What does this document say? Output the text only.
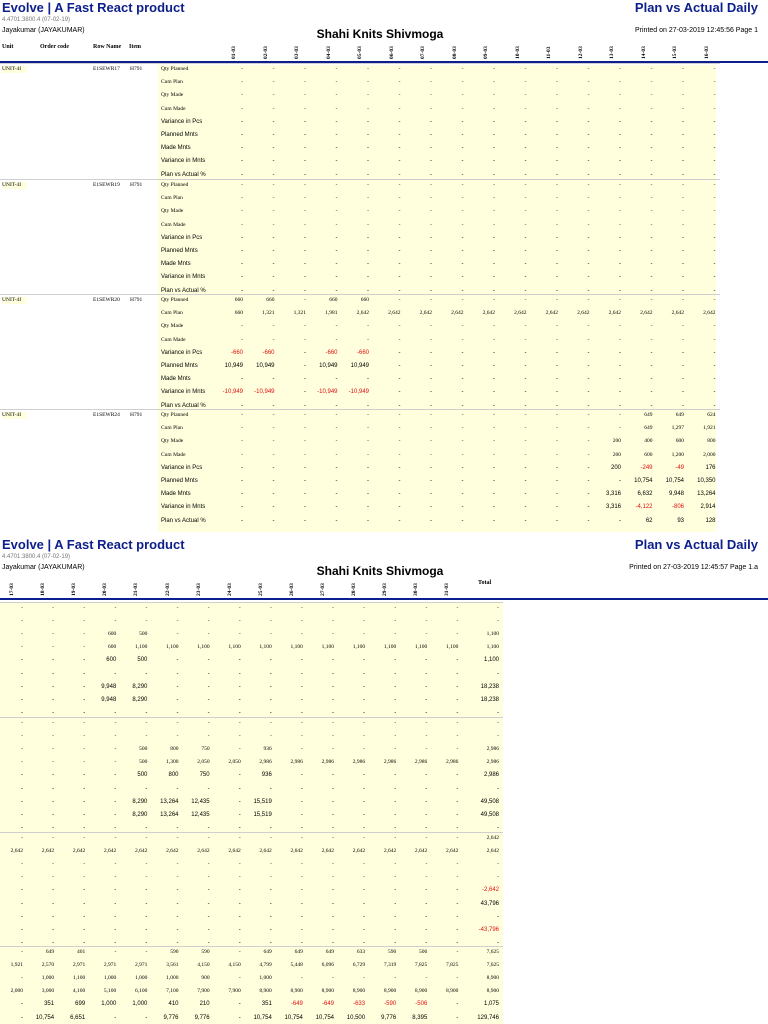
Evolve | A Fast React product	Plan vs Actual Daily
4.4701.3800.4 (07-02-19)
Jayakumar (JAYAKUMAR)	Shahi Knits Shivmoga	Printed on 27-03-2019 12:45:56 Page 1
Unit	Order code	Row Name Item	01-03	02-03	03-03	04-03	05-03	06-03	07-03	08-03	09-03	10-03	11-03	12-03	13-03	14-03	15-03	16-03
UNIT-4I	E1SEWR17 H791	Qty Planned	-	-	-	-	-	-	-	-	-	-	-	-	-	-	-	-
Cum Plan	-	-	-	-	-	-	-	-	-	-	-	-	-	-	-	-
Qty Made	-	-	-	-	-	-	-	-	-	-	-	-	-	-	-	-
Cum Made	-	-	-	-	-	-	-	-	-	-	-	-	-	-	-	-
Variance in Pcs	-	-	-	-	-	-	-	-	-	-	-	-	-	-	-	-
Planned Mnts	-	-	-	-	-	-	-	-	-	-	-	-	-	-	-	-
Made Mnts	-	-	-	-	-	-	-	-	-	-	-	-	-	-	-	-
Variance in Mnts	-	-	-	-	-	-	-	-	-	-	-	-	-	-	-	-
Plan vs Actual %	-	-	-	-	-	-	-	-	-	-	-	-	-	-	-	-
UNIT-4I	E1SEWR19 H791	Qty Planned	-	-	-	-	-	-	-	-	-	-	-	-	-	-	-	-
Cum Plan	-	-	-	-	-	-	-	-	-	-	-	-	-	-	-	-
Qty Made	-	-	-	-	-	-	-	-	-	-	-	-	-	-	-	-
Cum Made	-	-	-	-	-	-	-	-	-	-	-	-	-	-	-	-
Variance in Pcs	-	-	-	-	-	-	-	-	-	-	-	-	-	-	-	-
Planned Mnts	-	-	-	-	-	-	-	-	-	-	-	-	-	-	-	-
Made Mnts	-	-	-	-	-	-	-	-	-	-	-	-	-	-	-	-
Variance in Mnts	-	-	-	-	-	-	-	-	-	-	-	-	-	-	-	-
Plan vs Actual %	-	-	-	-	-	-	-	-	-	-	-	-	-	-	-	-
UNIT-4I	E1SEWR20 H791	Qty Planned	660	660	-	660	660	-	-	-	-	-	-	-	-	-	-	-
Cum Plan	660	1,321	1,321	1,981	2,642	2,642	2,642	2,642	2,642	2,642	2,642	2,642	2,642	2,642	2,642	2,642
Qty Made	-	-	-	-	-	-	-	-	-	-	-	-	-	-	-	-
Cum Made	-	-	-	-	-	-	-	-	-	-	-	-	-	-	-	-
Variance in Pcs	-660	-660	-	-660	-660	-	-	-	-	-	-	-	-	-	-	-
Planned Mnts	10,949	10,949	-	10,949	10,949	-	-	-	-	-	-	-	-	-	-	-
Made Mnts	-	-	-	-	-	-	-	-	-	-	-	-	-	-	-	-
Variance in Mnts	-10,949	-10,949	-	-10,949	-10,949	-	-	-	-	-	-	-	-	-	-	-
Plan vs Actual %	-	-	-	-	-	-	-	-	-	-	-	-	-	-	-	-
UNIT-4I	E1SEWR24 H791	Qty Planned	-	-	-	-	-	-	-	-	-	-	-	-	-	649	649	624
Cum Plan	-	-	-	-	-	-	-	-	-	-	-	-	-	649	1,297	1,921
Qty Made	-	-	-	-	-	-	-	-	-	-	-	-	200	400	600	800
Cum Made	-	-	-	-	-	-	-	-	-	-	-	-	200	600	1,200	2,000
Variance in Pcs	-	-	-	-	-	-	-	-	-	-	-	-	200	-249	-49	176
Planned Mnts	-	-	-	-	-	-	-	-	-	-	-	-	-	10,754	10,754	10,350
Made Mnts	-	-	-	-	-	-	-	-	-	-	-	-	3,316	6,632	9,948	13,264
Variance in Mnts	-	-	-	-	-	-	-	-	-	-	-	-	3,316	-4,122	-806	2,914
Plan vs Actual %	-	-	-	-	-	-	-	-	-	-	-	-	-	62	93	128
Evolve | A Fast React product	Plan vs Actual Daily
4.4701.3800.4 (07-02-19)
Jayakumar (JAYAKUMAR)	Shahi Knits Shivmoga	Printed on 27-03-2019 12:45:57 Page 1.a
17-03	18-03	19-03	20-03	21-03	22-03	23-03	24-03	25-03	26-03	27-03	28-03	29-03	30-03	31-03
Total
-	-	-	-	-	-	-	-	-	-	-	-	-	-	-	-
-	-	-	-	-	-	-	-	-	-	-	-	-	-	-	-
-	-	-	600	500	-	-	-	-	-	-	-	-	-	-	1,100
-	-	-	600	1,100	1,100	1,100	1,100	1,100	1,100	1,100	1,100	1,100	1,100	1,100	1,100
-	-	-	600	500	-	-	-	-	-	-	-	-	-	-	1,100
-	-	-	-	-	-	-	-	-	-	-	-	-	-	-	-
-	-	-	9,948	8,290	-	-	-	-	-	-	-	-	-	-	18,238
-	-	-	9,948	8,290	-	-	-	-	-	-	-	-	-	-	18,238
-	-	-	-	-	-	-	-	-	-	-	-	-	-	-	-
-	-	-	-	-	-	-	-	-	-	-	-	-	-	-	-
-	-	-	-	-	-	-	-	-	-	-	-	-	-	-	-
-	-	-	-	500	800	750	-	936	-	-	-	-	-	-	2,986
-	-	-	-	500	1,300	2,050	2,050	2,986	2,986	2,986	2,986	2,986	2,986	2,986	2,986
-	-	-	-	500	800	750	-	936	-	-	-	-	-	-	2,986
-	-	-	-	-	-	-	-	-	-	-	-	-	-	-	-
-	-	-	-	8,290	13,264	12,435	-	15,519	-	-	-	-	-	-	49,508
-	-	-	-	8,290	13,264	12,435	-	15,519	-	-	-	-	-	-	49,508
-	-	-	-	-	-	-	-	-	-	-	-	-	-	-	-
-	-	-	-	-	-	-	-	-	-	-	-	-	-	-	2,642
2,642	2,642	2,642	2,642	2,642	2,642	2,642	2,642	2,642	2,642	2,642	2,642	2,642	2,642	2,642	2,642
-	-	-	-	-	-	-	-	-	-	-	-	-	-	-	-
-	-	-	-	-	-	-	-	-	-	-	-	-	-	-	-
-	-	-	-	-	-	-	-	-	-	-	-	-	-	-	-2,642
-	-	-	-	-	-	-	-	-	-	-	-	-	-	-	43,796
-	-	-	-	-	-	-	-	-	-	-	-	-	-	-	-
-	-	-	-	-	-	-	-	-	-	-	-	-	-	-	-43,796
-	-	-	-	-	-	-	-	-	-	-	-	-	-	-	-
-	649	401	-	-	590	590	-	649	649	649	633	590	506	-	7,625
1,921	2,570	2,971	2,971	2,971	3,561	4,150	4,150	4,799	5,448	6,096	6,729	7,319	7,825	7,825	7,625
-	1,000	1,100	1,000	1,000	1,000	900	-	1,000	-	-	-	-	-	-	8,900
2,000	3,000	4,100	5,100	6,100	7,100	7,900	7,900	8,900	8,900	8,900	8,900	8,900	8,900	8,900	8,900
-	351	699	1,000	1,000	410	210	-	351	-649	-649	-633	-590	-506	-	1,075
-	10,754	6,651	-	-	9,776	9,776	-	10,754	10,754	10,754	10,500	9,776	8,395	-	129,746
